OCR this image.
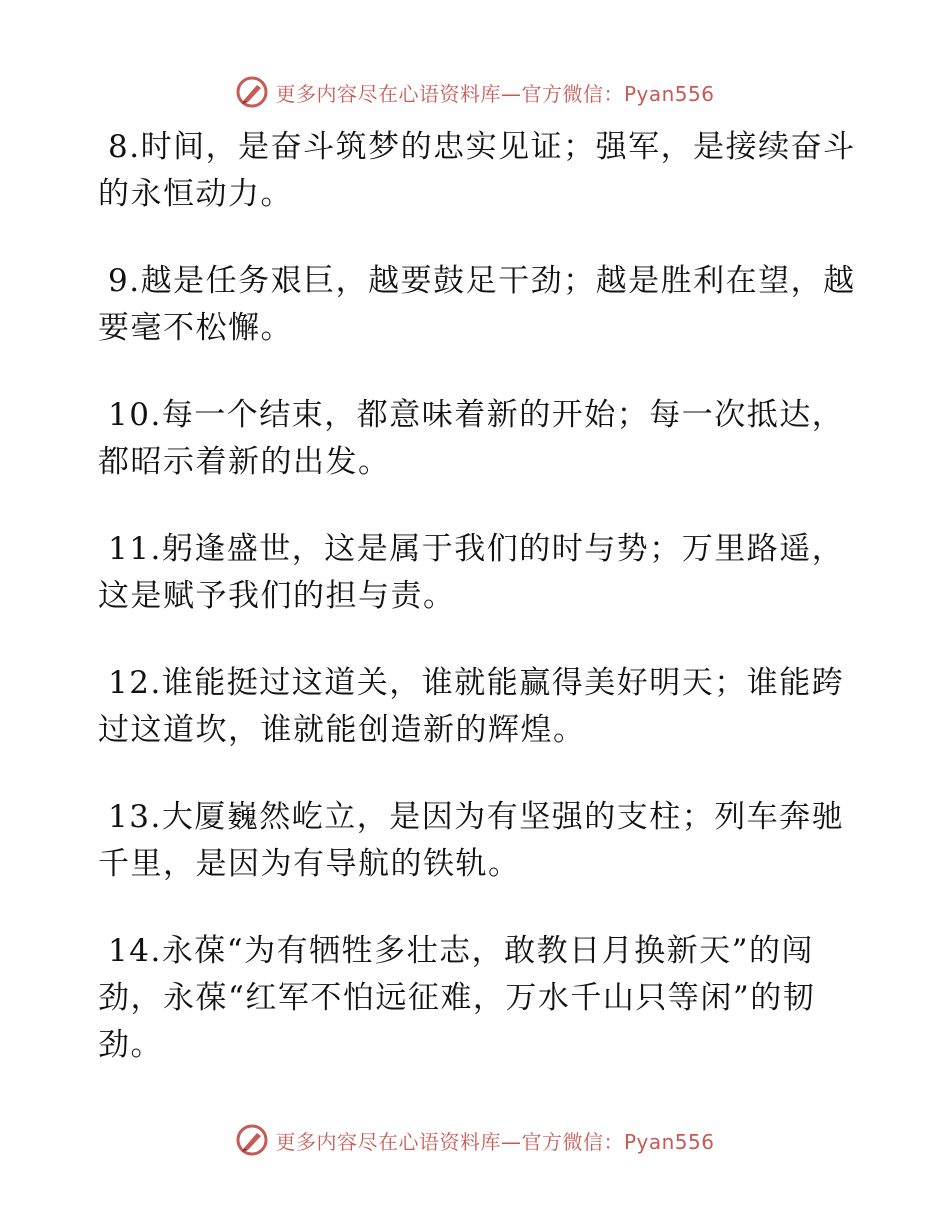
更多内容尽在心语资料库—官方微信：Pyan556

8.时间，是奋斗筑梦的忠实见证；强军，是接续奋斗的永恒动力。

9.越是任务艰巨，越要鼓足干劲；越是胜利在望，越要毫不松懈。

10.每一个结束，都意味着新的开始；每一次抵达，都昭示着新的出发。

11.躬逢盛世，这是属于我们的时与势；万里路遥，这是赋予我们的担与责。

12.谁能挺过这道关，谁就能赢得美好明天；谁能跨过这道坎，谁就能创造新的辉煌。

13.大厦巍然屹立，是因为有坚强的支柱；列车奔驰千里，是因为有导航的铁轨。

14.永葆“为有牺牲多壮志，敢教日月换新天”的闯劲，永葆“红军不怕远征难，万水千山只等闲”的韧劲。

更多内容尽在心语资料库—官方微信：Pyan556
